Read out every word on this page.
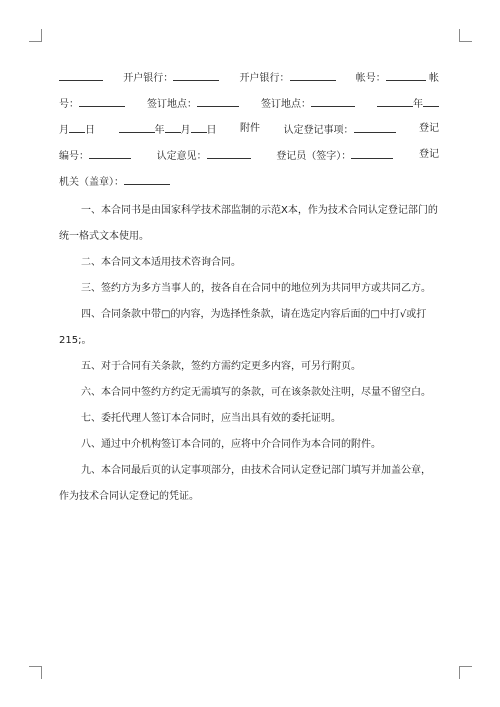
开户银行：	开户银行：	帐号：	帐
号：	签订地点：	签订地点：	年
月 日	年 月 日 附件 认定登记事项：	登记
编号：	认定意见：	登记员（签字）：	登记
机关（盖章）：
一、本合同书是由国家科学技术部监制的示范Ⅹ本，作为技术合同认定登记部门的统一格式文本使用。
二、本合同文本适用技术咨询合同。
三、签约方为多方当事人的，按各自在合同中的地位列为共同甲方或共同乙方。
四、合同条款中带□的内容，为选择性条款，请在选定内容后面的□中打√或打215;。
五、对于合同有关条款，签约方需约定更多内容，可另行附页。
六、本合同中签约方约定无需填写的条款，可在该条款处注明，尽量不留空白。
七、委托代理人签订本合同时，应当出具有效的委托证明。
八、通过中介机构签订本合同的，应将中介合同作为本合同的附件。
九、本合同最后页的认定事项部分，由技术合同认定登记部门填写并加盖公章，作为技术合同认定登记的凭证。
